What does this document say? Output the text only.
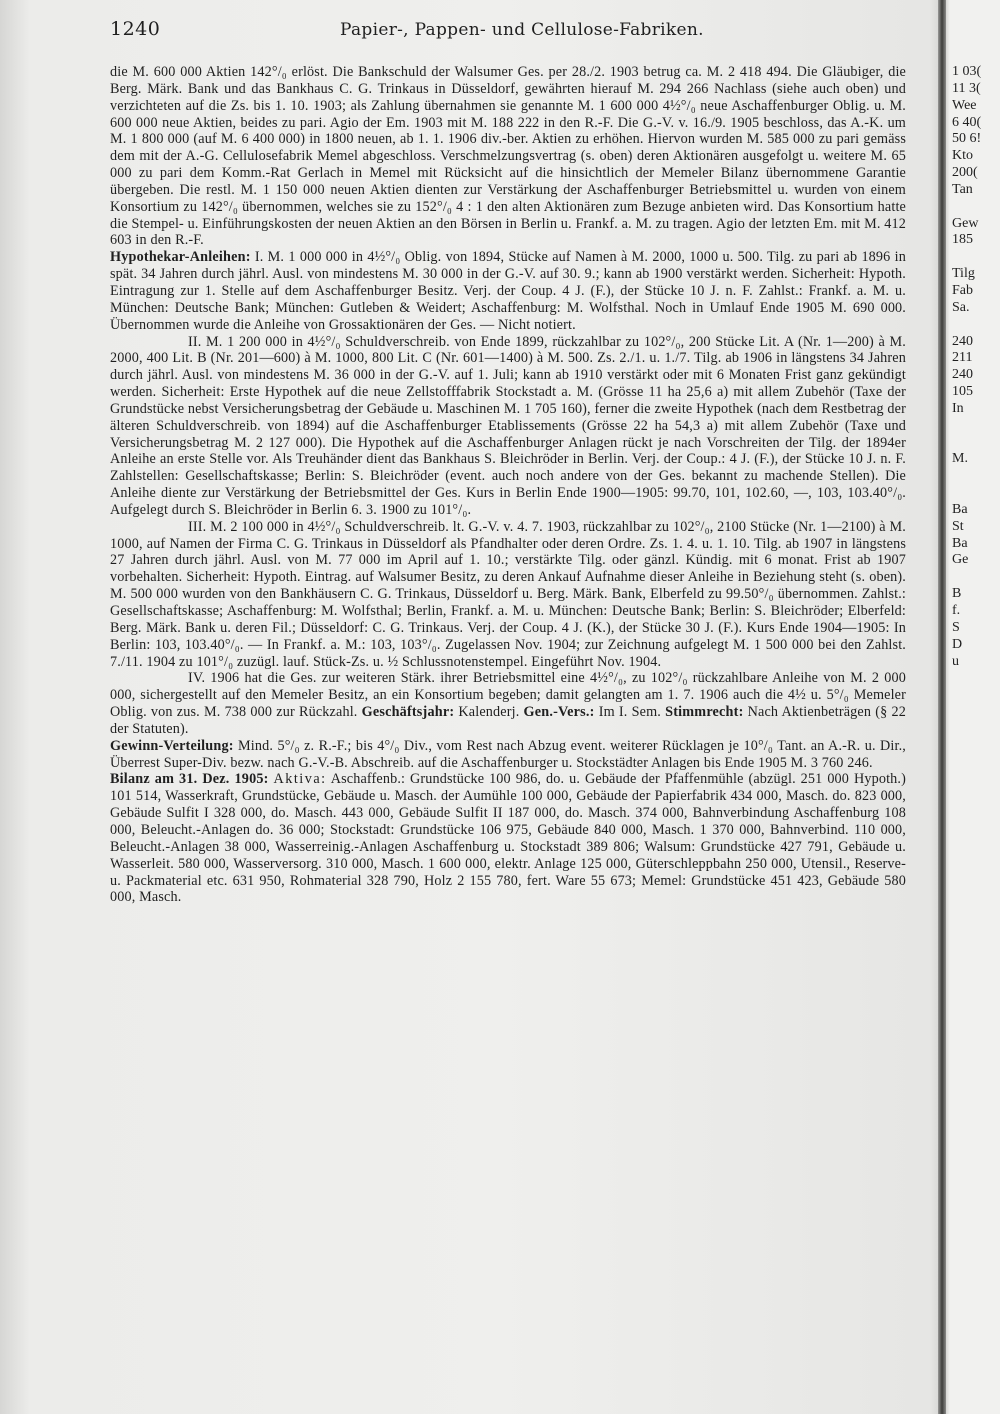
1240	Papier-, Pappen- und Cellulose-Fabriken.

die M. 600 000 Aktien 142°/₀ erlöst. Die Bankschuld der Walsumer Ges. per 28./2. 1903 betrug ca. M. 2 418 494. Die Gläubiger, die Berg. Märk. Bank und das Bankhaus C. G. Trinkaus in Düsseldorf, gewährten hierauf M. 294 266 Nachlass (siehe auch oben) und verzichteten auf die Zs. bis 1. 10. 1903; als Zahlung übernahmen sie genannte M. 1 600 000 4½°/₀ neue Aschaffenburger Oblig. u. M. 600 000 neue Aktien, beides zu pari. Agio der Em. 1903 mit M. 188 222 in den R.-F. Die G.-V. v. 16./9. 1905 beschloss, das A.-K. um M. 1 800 000 (auf M. 6 400 000) in 1800 neuen, ab 1. 1. 1906 div.-ber. Aktien zu erhöhen. Hiervon wurden M. 585 000 zu pari gemäss dem mit der A.-G. Cellulosefabrik Memel abgeschloss. Verschmelzungsvertrag (s. oben) deren Aktionären ausgefolgt u. weitere M. 65 000 zu pari dem Komm.-Rat Gerlach in Memel mit Rücksicht auf die hinsichtlich der Memeler Bilanz übernommene Garantie übergeben. Die restl. M. 1 150 000 neuen Aktien dienten zur Verstärkung der Aschaffenburger Betriebsmittel u. wurden von einem Konsortium zu 142°/₀ übernommen, welches sie zu 152°/₀ 4 : 1 den alten Aktionären zum Bezuge anbieten wird. Das Konsortium hatte die Stempel- u. Einführungskosten der neuen Aktien an den Börsen in Berlin u. Frankf. a. M. zu tragen. Agio der letzten Em. mit M. 412 603 in den R.-F.

Hypothekar-Anleihen: I. M. 1 000 000 in 4½°/₀ Oblig. von 1894, Stücke auf Namen à M. 2000, 1000 u. 500. Tilg. zu pari ab 1896 in spät. 34 Jahren durch jährl. Ausl. von mindestens M. 30 000 in der G.-V. auf 30. 9.; kann ab 1900 verstärkt werden. Sicherheit: Hypoth. Eintragung zur 1. Stelle auf dem Aschaffenburger Besitz. Verj. der Coup. 4 J. (F.), der Stücke 10 J. n. F. Zahlst.: Frankf. a. M. u. München: Deutsche Bank; München: Gutleben & Weidert; Aschaffenburg: M. Wolfsthal. Noch in Umlauf Ende 1905 M. 690 000. Übernommen wurde die Anleihe von Grossaktionären der Ges. — Nicht notiert.

II. M. 1 200 000 in 4½°/₀ Schuldverschreib. von Ende 1899, rückzahlbar zu 102°/₀, 200 Stücke Lit. A (Nr. 1—200) à M. 2000, 400 Lit. B (Nr. 201—600) à M. 1000, 800 Lit. C (Nr. 601—1400) à M. 500. Zs. 2./1. u. 1./7. Tilg. ab 1906 in längstens 34 Jahren durch jährl. Ausl. von mindestens M. 36 000 in der G.-V. auf 1. Juli; kann ab 1910 verstärkt oder mit 6 Monaten Frist ganz gekündigt werden. Sicherheit: Erste Hypothek auf die neue Zellstofffabrik Stockstadt a. M. (Grösse 11 ha 25,6 a) mit allem Zubehör (Taxe der Grundstücke nebst Versicherungsbetrag der Gebäude u. Maschinen M. 1 705 160), ferner die zweite Hypothek (nach dem Restbetrag der älteren Schuldverschreib. von 1894) auf die Aschaffenburger Etablissements (Grösse 22 ha 54,3 a) mit allem Zubehör (Taxe und Versicherungsbetrag M. 2 127 000). Die Hypothek auf die Aschaffenburger Anlagen rückt je nach Vorschreiten der Tilg. der 1894er Anleihe an erste Stelle vor. Als Treuhänder dient das Bankhaus S. Bleichröder in Berlin. Verj. der Coup.: 4 J. (F.), der Stücke 10 J. n. F. Zahlstellen: Gesellschaftskasse; Berlin: S. Bleichröder (event. auch noch andere von der Ges. bekannt zu machende Stellen). Die Anleihe diente zur Verstärkung der Betriebsmittel der Ges. Kurs in Berlin Ende 1900—1905: 99.70, 101, 102.60, —, 103, 103.40°/₀. Aufgelegt durch S. Bleichröder in Berlin 6. 3. 1900 zu 101°/₀.

III. M. 2 100 000 in 4½°/₀ Schuldverschreib. lt. G.-V. v. 4. 7. 1903, rückzahlbar zu 102°/₀, 2100 Stücke (Nr. 1—2100) à M. 1000, auf Namen der Firma C. G. Trinkaus in Düsseldorf als Pfandhalter oder deren Ordre. Zs. 1. 4. u. 1. 10. Tilg. ab 1907 in längstens 27 Jahren durch jährl. Ausl. von M. 77 000 im April auf 1. 10.; verstärkte Tilg. oder gänzl. Kündig. mit 6 monat. Frist ab 1907 vorbehalten. Sicherheit: Hypoth. Eintrag. auf Walsumer Besitz, zu deren Ankauf Aufnahme dieser Anleihe in Beziehung steht (s. oben). M. 500 000 wurden von den Bankhäusern C. G. Trinkaus, Düsseldorf u. Berg. Märk. Bank, Elberfeld zu 99.50°/₀ übernommen. Zahlst.: Gesellschaftskasse; Aschaffenburg: M. Wolfsthal; Berlin, Frankf. a. M. u. München: Deutsche Bank; Berlin: S. Bleichröder; Elberfeld: Berg. Märk. Bank u. deren Fil.; Düsseldorf: C. G. Trinkaus. Verj. der Coup. 4 J. (K.), der Stücke 30 J. (F.). Kurs Ende 1904—1905: In Berlin: 103, 103.40°/₀. — In Frankf. a. M.: 103, 103°/₀. Zugelassen Nov. 1904; zur Zeichnung aufgelegt M. 1 500 000 bei den Zahlst. 7./11. 1904 zu 101°/₀ zuzügl. lauf. Stück-Zs. u. ½ Schlussnotenstempel. Eingeführt Nov. 1904.

IV. 1906 hat die Ges. zur weiteren Stärk. ihrer Betriebsmittel eine 4½°/₀, zu 102°/₀ rückzahlbare Anleihe von M. 2 000 000, sichergestellt auf den Memeler Besitz, an ein Konsortium begeben; damit gelangten am 1. 7. 1906 auch die 4½ u. 5°/₀ Memeler Oblig. von zus. M. 738 000 zur Rückzahl. Geschäftsjahr: Kalenderj. Gen.-Vers.: Im I. Sem. Stimmrecht: Nach Aktienbeträgen (§ 22 der Statuten).

Gewinn-Verteilung: Mind. 5°/₀ z. R.-F.; bis 4°/₀ Div., vom Rest nach Abzug event. weiterer Rücklagen je 10°/₀ Tant. an A.-R. u. Dir., Überrest Super-Div. bezw. nach G.-V.-B. Abschreib. auf die Aschaffenburger u. Stockstädter Anlagen bis Ende 1905 M. 3 760 246.

Bilanz am 31. Dez. 1905: Aktiva: Aschaffenb.: Grundstücke 100 986, do. u. Gebäude der Pfaffenmühle (abzügl. 251 000 Hypoth.) 101 514, Wasserkraft, Grundstücke, Gebäude u. Masch. der Aumühle 100 000, Gebäude der Papierfabrik 434 000, Masch. do. 823 000, Gebäude Sulfit I 328 000, do. Masch. 443 000, Gebäude Sulfit II 187 000, do. Masch. 374 000, Bahnverbindung Aschaffenburg 108 000, Beleucht.-Anlagen do. 36 000; Stockstadt: Grundstücke 106 975, Gebäude 840 000, Masch. 1 370 000, Bahnverbind. 110 000, Beleucht.-Anlagen 38 000, Wasserreinig.-Anlagen Aschaffenburg u. Stockstadt 389 806; Walsum: Grundstücke 427 791, Gebäude u. Wasserleit. 580 000, Wasserversorg. 310 000, Masch. 1 600 000, elektr. Anlage 125 000, Güterschleppbahn 250 000, Utensil., Reserve- u. Packmaterial etc. 631 950, Rohmaterial 328 790, Holz 2 155 780, fert. Ware 55 673; Memel: Grundstücke 451 423, Gebäude 580 000, Masch.

1 03(
11 3(
Wee
6 40(
50 6!
Kto
200(
Tan
Gew
185
Tilg
Fab
Sa.
240
211
240
105
In
M.
Ba
St
Ba
Ge
B
f.
S
D
u
